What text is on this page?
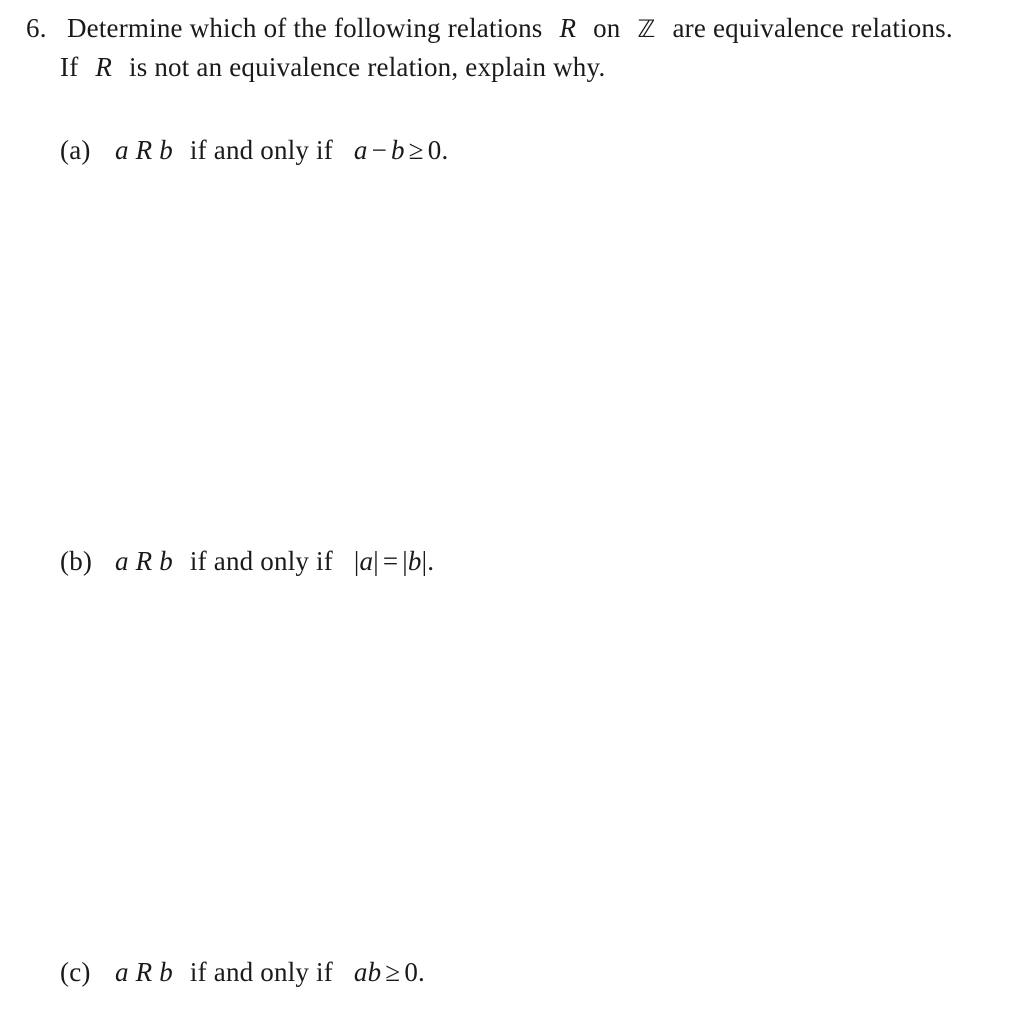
6. Determine which of the following relations R on ℤ are equivalence relations.
If R is not an equivalence relation, explain why.
(a) a R b if and only if a − b ≥ 0.
(b) a R b if and only if |a| = |b|.
(c) a R b if and only if ab ≥ 0.
